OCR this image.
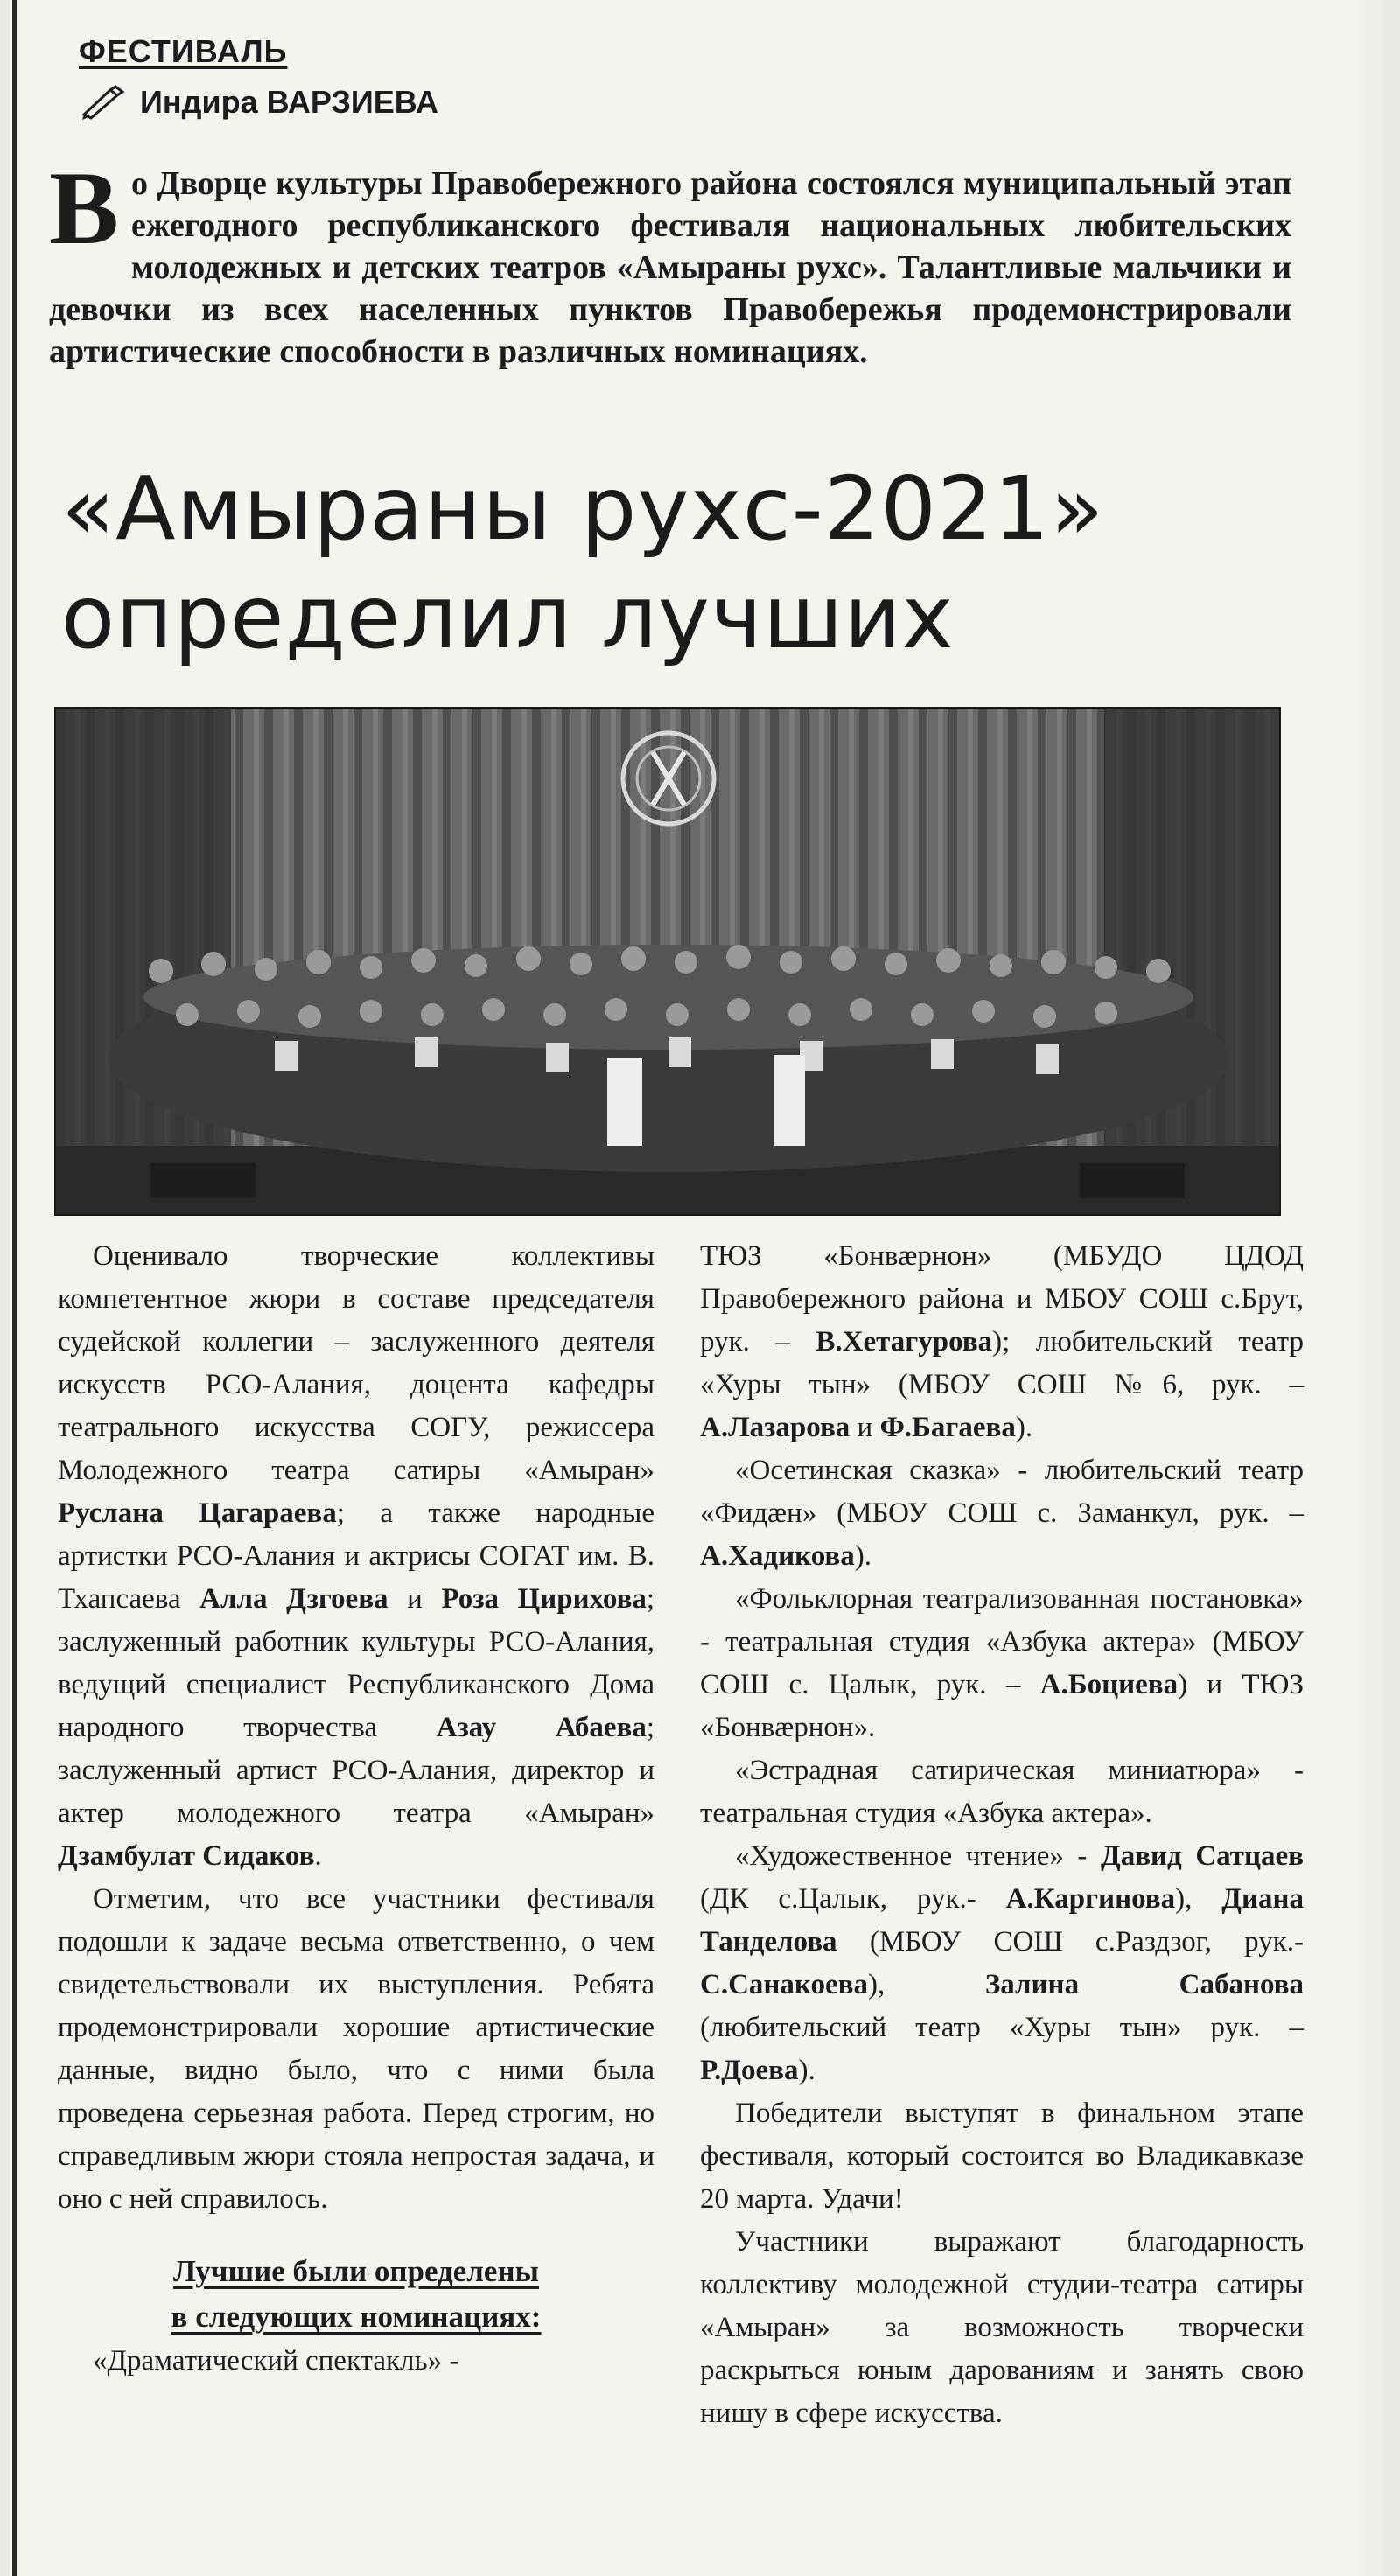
ФЕСТИВАЛЬ
Индира ВАРЗИЕВА
В о Дворце культуры Правобережного района состоялся муниципальный этап ежегодного республиканского фестиваля национальных любительских молодежных и детских театров «Амыраны рухс». Талантливые мальчики и девочки из всех населенных пунктов Правобережья продемонстрировали артистические способности в различных номинациях.
«Амыраны рухс-2021»
определил лучших

Оценивало творческие коллективы компетентное жюри в составе председателя судейской коллегии – заслуженного деятеля искусств РСО-Алания, доцента кафедры театрального искусства СОГУ, режиссера Молодежного театра сатиры «Амыран» Руслана Цагараева; а также народные артистки РСО-Алания и актрисы СОГАТ им. В. Тхапсаева Алла Дзгоева и Роза Цирихова; заслуженный работник культуры РСО-Алания, ведущий специалист Республиканского Дома народного творчества Азау Абаева; заслуженный артист РСО-Алания, директор и актер молодежного театра «Амыран» Дзамбулат Сидаков.

Отметим, что все участники фестиваля подошли к задаче весьма ответственно, о чем свидетельствовали их выступления. Ребята продемонстрировали хорошие артистические данные, видно было, что с ними была проведена серьезная работа. Перед строгим, но справедливым жюри стояла непростая задача, и оно с ней справилось.

Лучшие были определены
в следующих номинациях:

«Драматический спектакль» -

ТЮЗ «Бонвæрнон» (МБУДО ЦДОД Правобережного района и МБОУ СОШ с.Брут, рук. – В.Хетагурова); любительский театр «Хуры тын» (МБОУ СОШ №6, рук. – А.Лазарова и Ф.Багаева).

«Осетинская сказка» - любительский театр «Фидæн» (МБОУ СОШ с. Заманкул, рук. – А.Хадикова).

«Фольклорная театрализованная постановка» - театральная студия «Азбука актера» (МБОУ СОШ с. Цалык, рук. – А.Боциева) и ТЮЗ «Бонвæрнон».

«Эстрадная сатирическая миниатюра» - театральная студия «Азбука актера».

«Художественное чтение» - Давид Сатцаев (ДК с.Цалык, рук.- А.Каргинова), Диана Танделова (МБОУ СОШ с.Раздзог, рук.- С.Санакоева), Залина Сабанова (любительский театр «Хуры тын» рук. – Р.Доева).

Победители выступят в финальном этапе фестиваля, который состоится во Владикавказе 20 марта. Удачи!

Участники выражают благодарность коллективу молодежной студии-театра сатиры «Амыран» за возможность творчески раскрыться юным дарованиям и занять свою нишу в сфере искусства.
